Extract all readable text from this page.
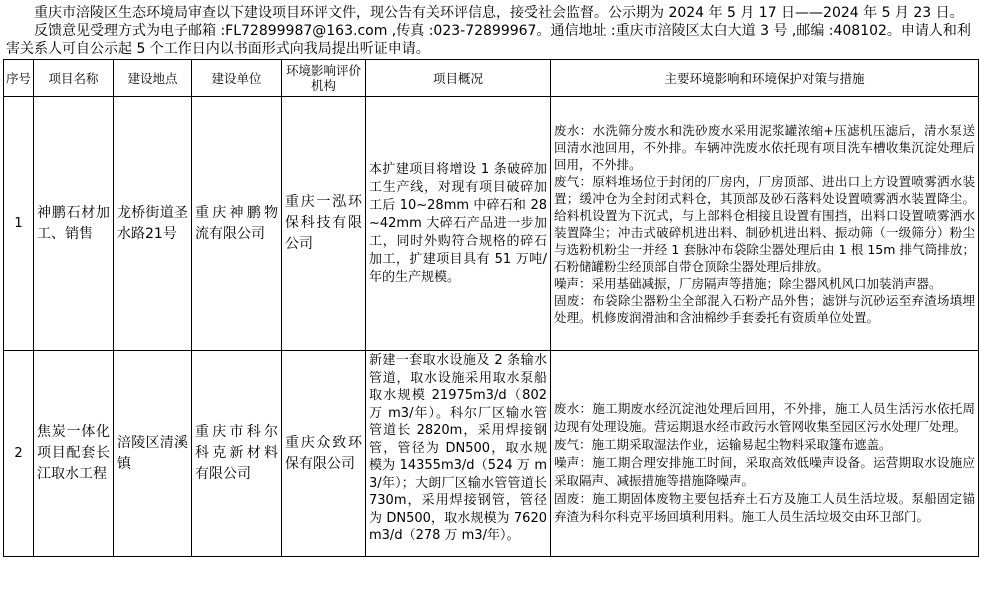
重庆市涪陵区生态环境局审查以下建设项目环评文件，现公告有关环评信息，接受社会监督。公示期为 2024 年 5 月 17 日——2024 年 5 月 23 日。

反馈意见受理方式为电子邮箱 :FL72899987@163.com ,传真 :023-72899967。通信地址 :重庆市涪陵区太白大道 3 号 ,邮编 :408102。申请人和利害关系人可自公示起 5 个工作日内以书面形式向我局提出听证申请。

序号	项目名称	建设地点	建设单位	环境影响评价机构	项目概况	主要环境影响和环境保护对策与措施
1	神鹏石材加工、销售	龙桥街道圣水路21号	重庆神鹏物流有限公司	重庆一泓环保科技有限公司	本扩建项目将增设 1 条破碎加工生产线，对现有项目破碎加工后 10~28mm 中碎石和 28~42mm 大碎石产品进一步加工，同时外购符合规格的碎石加工，扩建项目具有 51 万吨/年的生产规模。	废水：水洗筛分废水和洗砂废水采用泥浆罐浓缩+压滤机压滤后，清水泵送回清水池回用，不外排。车辆冲洗废水依托现有项目洗车槽收集沉淀处理后回用，不外排。

废气：原料堆场位于封闭的厂房内，厂房顶部、进出口上方设置喷雾洒水装置；缓冲仓为全封闭式料仓，其顶部及砂石落料处设置喷雾洒水装置降尘。给料机设置为下沉式，与上部料仓相接且设置有围挡，出料口设置喷雾洒水装置降尘；冲击式破碎机进出料、制砂机进出料、振动筛（一级筛分）粉尘与选粉机粉尘一并经 1 套脉冲布袋除尘器处理后由 1 根 15m 排气筒排放；石粉储罐粉尘经顶部自带仓顶除尘器处理后排放。

噪声：采用基础减振，厂房隔声等措施；除尘器风机风口加装消声器。

固废：布袋除尘器粉尘全部混入石粉产品外售；滤饼与沉砂运至弃渣场填埋处理。机修废润滑油和含油棉纱手套委托有资质单位处置。

2	焦炭一体化项目配套长江取水工程	涪陵区清溪镇	重庆市科尔科克新材料有限公司	重庆众致环保有限公司	新建一套取水设施及 2 条输水管道，取水设施采用取水泵船取水规模 21975m3/d（802 万 m3/年）。科尔厂区输水管管道长 2820m，采用焊接钢管，管径为 DN500，取水规模为 14355m3/d（524 万 m3/年）；大朗厂区输水管管道长 730m，采用焊接钢管，管径为 DN500，取水规模为 7620m3/d（278 万 m3/年）。	废水：施工期废水经沉淀池处理后回用，不外排，施工人员生活污水依托周边现有处理设施。营运期退水经市政污水管网收集至园区污水处理厂处理。

废气：施工期采取湿法作业，运输易起尘物料采取篷布遮盖。

噪声：施工期合理安排施工时间，采取高效低噪声设备。运营期取水设施应采取隔声、减振措施等措施降噪声。

固废：施工期固体废物主要包括弃土石方及施工人员生活垃圾。泵船固定锚弃渣为科尔科克平场回填利用料。施工人员生活垃圾交由环卫部门。
